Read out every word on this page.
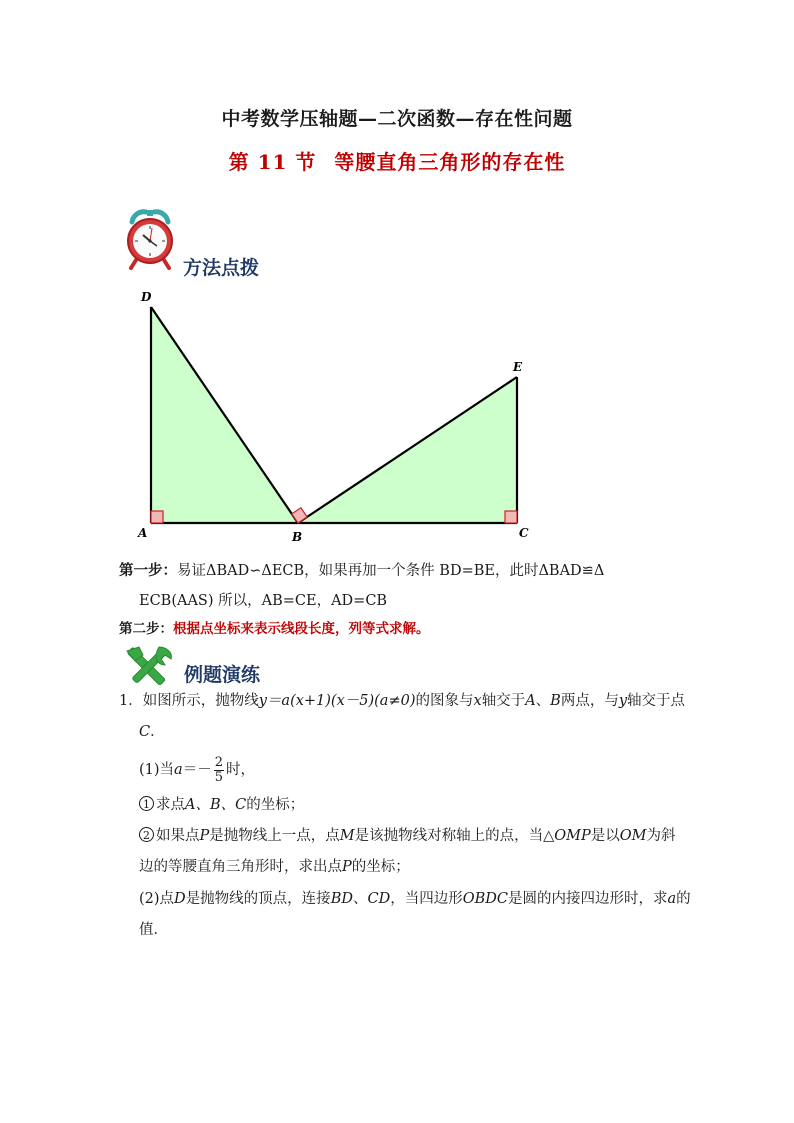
中考数学压轴题—二次函数—存在性问题
第 11 节 等腰直角三角形的存在性
方法点拨
D
E
A	B	C
第一步：易证ΔBAD∽ΔECB，如果再加一个条件 BD=BE，此时ΔBAD≌Δ
ECB(AAS) 所以，AB=CE，AD=CB
第二步：根据点坐标来表示线段长度，列等式求解。
例题演练
1．如图所示，抛物线y＝a(x+1)(x－5)(a≠0)的图象与x轴交于A、B两点，与y轴交于点
C．
(1)当$a=- \frac{2}{5}$ 时，
1 求点A、B、C的坐标；
2 如果点P是抛物线上一点，点M是该抛物线对称轴上的点，当△OMP是以OM为斜
边的等腰直角三角形时，求出点P的坐标；
(2)点D是抛物线的顶点，连接BD、CD，当四边形OBDC是圆的内接四边形时，求a的
值．
